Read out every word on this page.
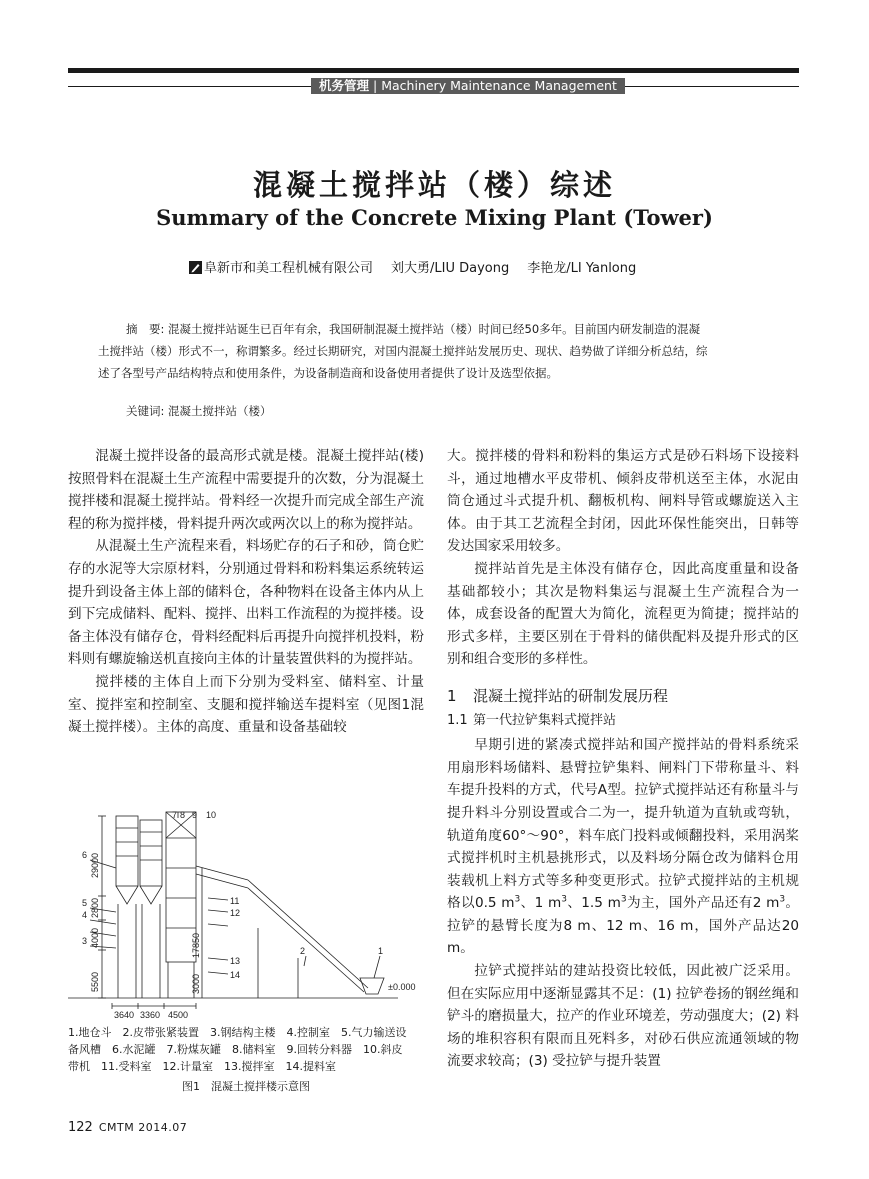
机务管理 | Machinery Maintenance Management
混凝土搅拌站（楼）综述
Summary of the Concrete Mixing Plant (Tower)
阜新市和美工程机械有限公司 刘大勇/LIU Dayong 李艳龙/LI Yanlong
摘　要: 混凝土搅拌站诞生已百年有余，我国研制混凝土搅拌站（楼）时间已经50多年。目前国内研发制造的混凝
土搅拌站（楼）形式不一，称谓繁多。经过长期研究，对国内混凝土搅拌站发展历史、现状、趋势做了详细分析总结，综
述了各型号产品结构特点和使用条件，为设备制造商和设备使用者提供了设计及选型依据。
关键词: 混凝土搅拌站（楼）

混凝土搅拌设备的最高形式就是楼。混凝土搅拌站(楼)按照骨料在混凝土生产流程中需要提升的次数，分为混凝土搅拌楼和混凝土搅拌站。骨料经一次提升而完成全部生产流程的称为搅拌楼，骨料提升两次或两次以上的称为搅拌站。

从混凝土生产流程来看，料场贮存的石子和砂，筒仓贮存的水泥等大宗原材料，分别通过骨料和粉料集运系统转运提升到设备主体上部的储料仓，各种物料在设备主体内从上到下完成储料、配料、搅拌、出料工作流程的为搅拌楼。设备主体没有储存仓，骨料经配料后再提升向搅拌机投料，粉料则有螺旋输送机直接向主体的计量装置供料的为搅拌站。

搅拌楼的主体自上而下分别为受料室、储料室、计量室、搅拌室和控制室、支腿和搅拌输送车提料室（见图1混凝土搅拌楼）。主体的高度、重量和设备基础较

29000
2800
4000
5500
17850
3000
3640 3360 4500
±0.000
1
2
3
4
5
6
7 8 9 10
11
12
13
14
1.地仓斗　2.皮带张紧装置　3.钢结构主楼　4.控制室　5.气力输送设
备风槽　6.水泥罐　7.粉煤灰罐　8.储料室　9.回转分料器　10.斜皮
带机　11.受料室　12.计量室　13.搅拌室　14.提料室
图1　混凝土搅拌楼示意图

大。搅拌楼的骨料和粉料的集运方式是砂石料场下设接料斗，通过地槽水平皮带机、倾斜皮带机送至主体，水泥由筒仓通过斗式提升机、翻板机构、闸料导管或螺旋送入主体。由于其工艺流程全封闭，因此环保性能突出，日韩等发达国家采用较多。

搅拌站首先是主体没有储存仓，因此高度重量和设备基础都较小；其次是物料集运与混凝土生产流程合为一体，成套设备的配置大为简化，流程更为简捷；搅拌站的形式多样，主要区别在于骨料的储供配料及提升形式的区别和组合变形的多样性。

1 混凝土搅拌站的研制发展历程
1.1 第一代拉铲集料式搅拌站

早期引进的紧凑式搅拌站和国产搅拌站的骨料系统采用扇形料场储料、悬臂拉铲集料、闸料门下带称量斗、料车提升投料的方式，代号A型。拉铲式搅拌站还有称量斗与提升料斗分别设置或合二为一，提升轨道为直轨或弯轨，轨道角度60°～90°，料车底门投料或倾翻投料，采用涡桨式搅拌机时主机悬挑形式，以及料场分隔仓改为储料仓用装载机上料方式等多种变更形式。拉铲式搅拌站的主机规格以0.5 $m^3$、1 $m^3$、1.5 $m^3$为主，国外产品还有2 $m^3$。拉铲的悬臂长度为8 m、12 m、16 m，国外产品达20 m。

拉铲式搅拌站的建站投资比较低，因此被广泛采用。但在实际应用中逐渐显露其不足：(1) 拉铲卷扬的钢丝绳和铲斗的磨损量大，拉产的作业环境差，劳动强度大；(2) 料场的堆积容积有限而且死料多，对砂石供应流通领域的物流要求较高；(3) 受拉铲与提升装置

122 CMTM 2014.07
